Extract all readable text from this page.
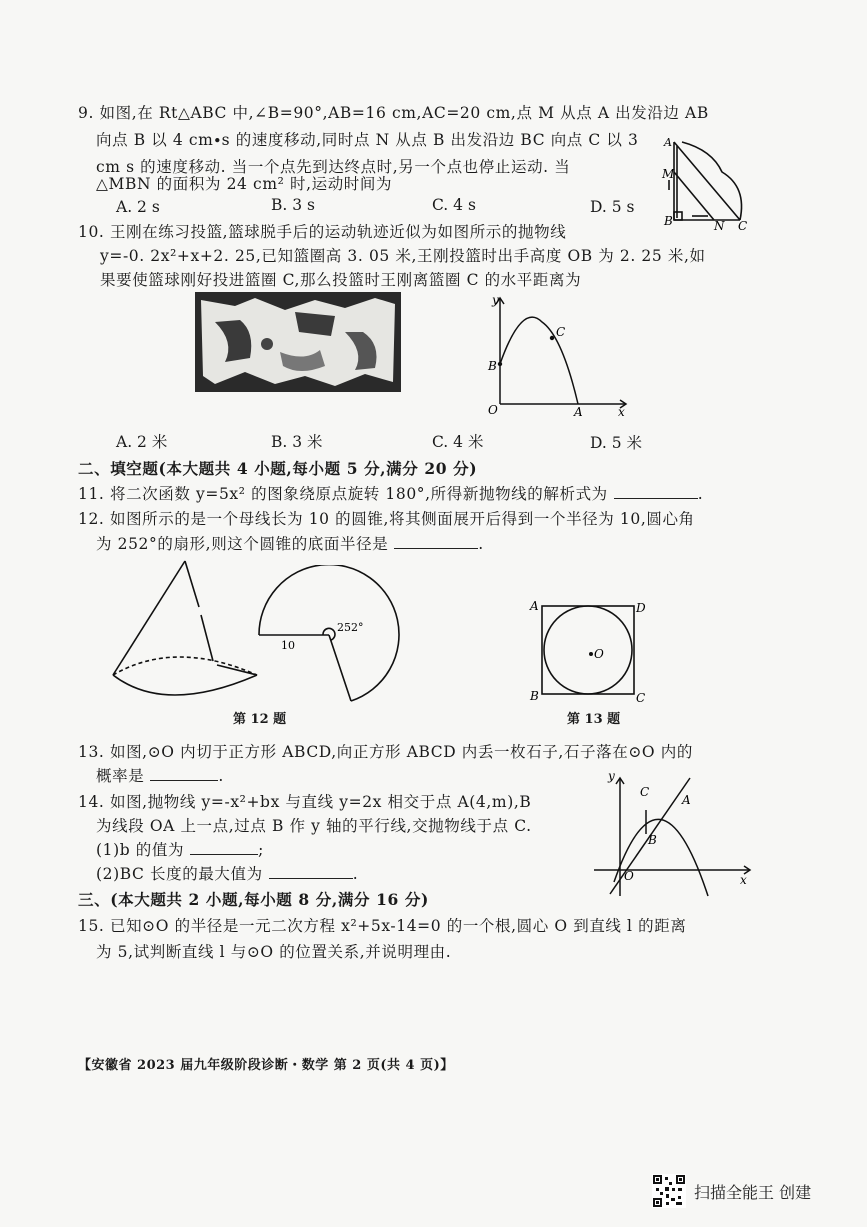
9. 如图,在 Rt△ABC 中,∠B=90°,AB=16 cm,AC=20 cm,点 M 从点 A 出发沿边 AB
向点 B 以 4 cm∙s 的速度移动,同时点 N 从点 B 出发沿边 BC 向点 C 以 3
cm s 的速度移动. 当一个点先到达终点时,另一个点也停止运动. 当
△MBN 的面积为 24 cm² 时,运动时间为
A. 2 s	B. 3 s	C. 4 s	D. 5 s
A
M
B	N C
10. 王刚在练习投篮,篮球脱手后的运动轨迹近似为如图所示的抛物线
y=-0. 2x²+x+2. 25,已知篮圈高 3. 05 米,王刚投篮时出手高度 OB 为 2. 25 米,如
果要使篮球刚好投进篮圈 C,那么投篮时王刚离篮圈 C 的水平距离为
y
C
B
O	A	x
A. 2 米	B. 3 米	C. 4 米	D. 5 米
二、填空题(本大题共 4 小题,每小题 5 分,满分 20 分)
11. 将二次函数 y=5x² 的图象绕原点旋转 180°,所得新抛物线的解析式为	.
12. 如图所示的是一个母线长为 10 的圆锥,将其侧面展开后得到一个半径为 10,圆心角
为 252°的扇形,则这个圆锥的底面半径是	.
252°
10
第 12 题
A	D
O
B	C
第 13 题
13. 如图,⊙O 内切于正方形 ABCD,向正方形 ABCD 内丢一枚石子,石子落在⊙O 内的
概率是	.
14. 如图,抛物线 y=-x²+bx 与直线 y=2x 相交于点 A(4,m),B
为线段 OA 上一点,过点 B 作 y 轴的平行线,交抛物线于点 C.
(1)b 的值为	;
(2)BC 长度的最大值为	.
y
C
A
B
O	x
三、(本大题共 2 小题,每小题 8 分,满分 16 分)
15. 已知⊙O 的半径是一元二次方程 x²+5x-14=0 的一个根,圆心 O 到直线 l 的距离
为 5,试判断直线 l 与⊙O 的位置关系,并说明理由.
【安徽省 2023 届九年级阶段诊断・数学 第 2 页(共 4 页)】
扫描全能王 创建
